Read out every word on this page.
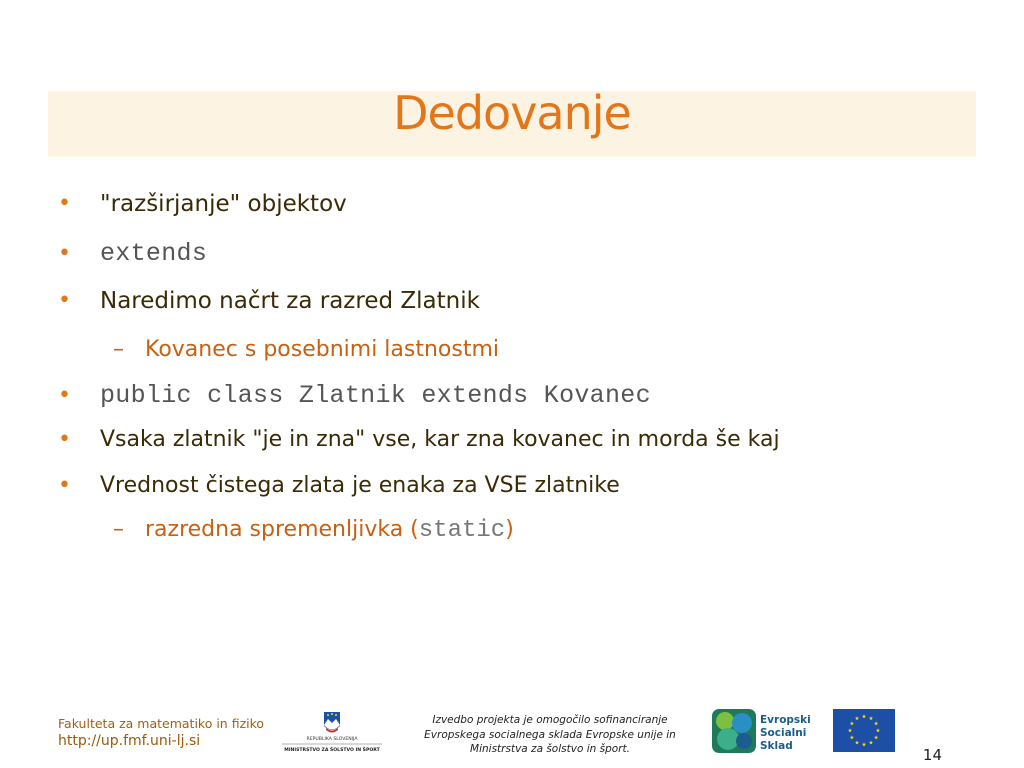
Dedovanje
• "razširjanje" objektov
• extends
• Naredimo načrt za razred Zlatnik
– Kovanec s posebnimi lastnostmi
• public class Zlatnik extends Kovanec
• Vsaka zlatnik "je in zna" vse, kar zna kovanec in morda še kaj
• Vrednost čistega zlata je enaka za VSE zlatnike
– razredna spremenljivka (static)
Fakulteta za matematiko in fiziko
http://up.fmf.uni-lj.si	REPUBLIKA SLOVENIJA
MINISTRSTVO ZA ŠOLSTVO IN ŠPORT
Izvedbo projekta je omogočilo sofinanciranje
Evropskega socialnega sklada Evropske unije in
Ministrstva za šolstvo in šport.
Evropski
Socialni
Sklad	14
